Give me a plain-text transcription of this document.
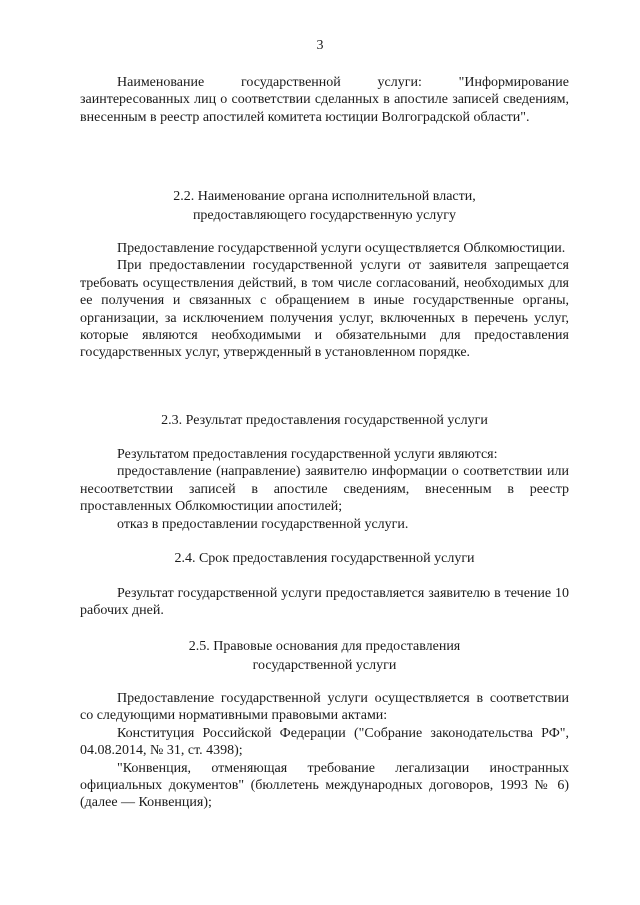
3

Наименование государственной услуги: "Информирование заинтересованных лиц о соответствии сделанных в апостиле записей сведениям, внесенным в реестр апостилей комитета юстиции Волгоградской области".

2.2. Наименование органа исполнительной власти,

предоставляющего государственную услугу

Предоставление государственной услуги осуществляется Облкомюстиции.

При предоставлении государственной услуги от заявителя запрещается требовать осуществления действий, в том числе согласований, необходимых для ее получения и связанных с обращением в иные государственные органы, организации, за исключением получения услуг, включенных в перечень услуг, которые являются необходимыми и обязательными для предоставления государственных услуг, утвержденный в установленном порядке.

2.3. Результат предоставления государственной услуги

Результатом предоставления государственной услуги являются:

предоставление (направление) заявителю информации о соответствии или несоответствии записей в апостиле сведениям, внесенным в реестр проставленных Облкомюстиции апостилей;

отказ в предоставлении государственной услуги.

2.4. Срок предоставления государственной услуги

Результат государственной услуги предоставляется заявителю в течение 10 рабочих дней.

2.5. Правовые основания для предоставления

государственной услуги

Предоставление государственной услуги осуществляется в соответствии со следующими нормативными правовыми актами:

Конституция Российской Федерации ("Собрание законодательства РФ", 04.08.2014, № 31, ст. 4398);

"Конвенция, отменяющая требование легализации иностранных официальных документов" (бюллетень международных договоров, 1993 № 6) (далее — Конвенция);
